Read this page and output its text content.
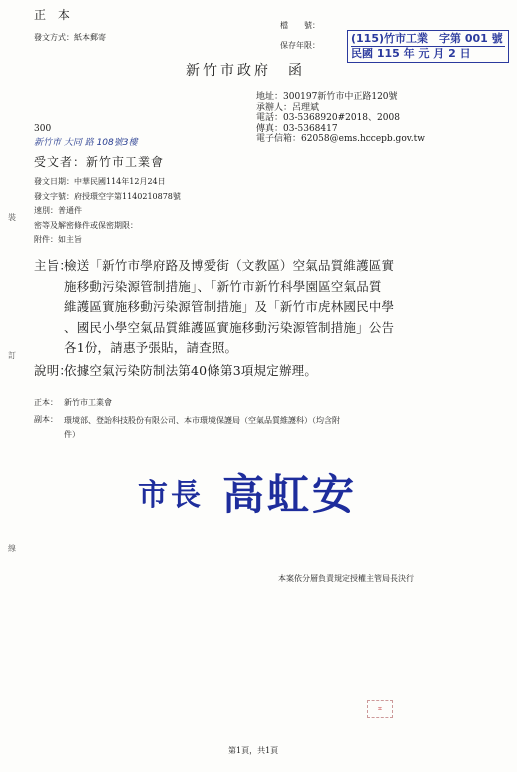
正 本
發文方式：紙本郵寄
檔　　號：
保存年限：
(115)竹市工業　字第 001 號
民國 115 年 元 月 2 日
新竹市政府　函
地址：300197新竹市中正路120號
承辦人：呂理斌
電話：03-5368920#2018、2008
傳真：03-5368417
電子信箱：62058@ems.hccepb.gov.tw
300
新竹市 大同 路 108號3樓
受文者：新竹市工業會
發文日期：中華民國114年12月24日
發文字號：府授環空字第1140210878號
速別：普通件
密等及解密條件或保密期限：
附件：如主旨
主旨：
檢送「新竹市學府路及博愛街（文教區）空氣品質維護區實
施移動污染源管制措施」、「新竹市新竹科學園區空氣品質
維護區實施移動污染源管制措施」及「新竹市虎林國民中學
、國民小學空氣品質維護區實施移動污染源管制措施」公告
各1份，請惠予張貼，請查照。
說明：
依據空氣污染防制法第40條第3項規定辦理。
正本： 新竹市工業會
副本： 環境部、登詒科技股份有限公司、本市環境保護局（空氣品質維護科）（均含附
件）
市長 高虹安
本案依分層負責規定授權主管局長決行
⌗
第1頁，共1頁
裝
訂
線
